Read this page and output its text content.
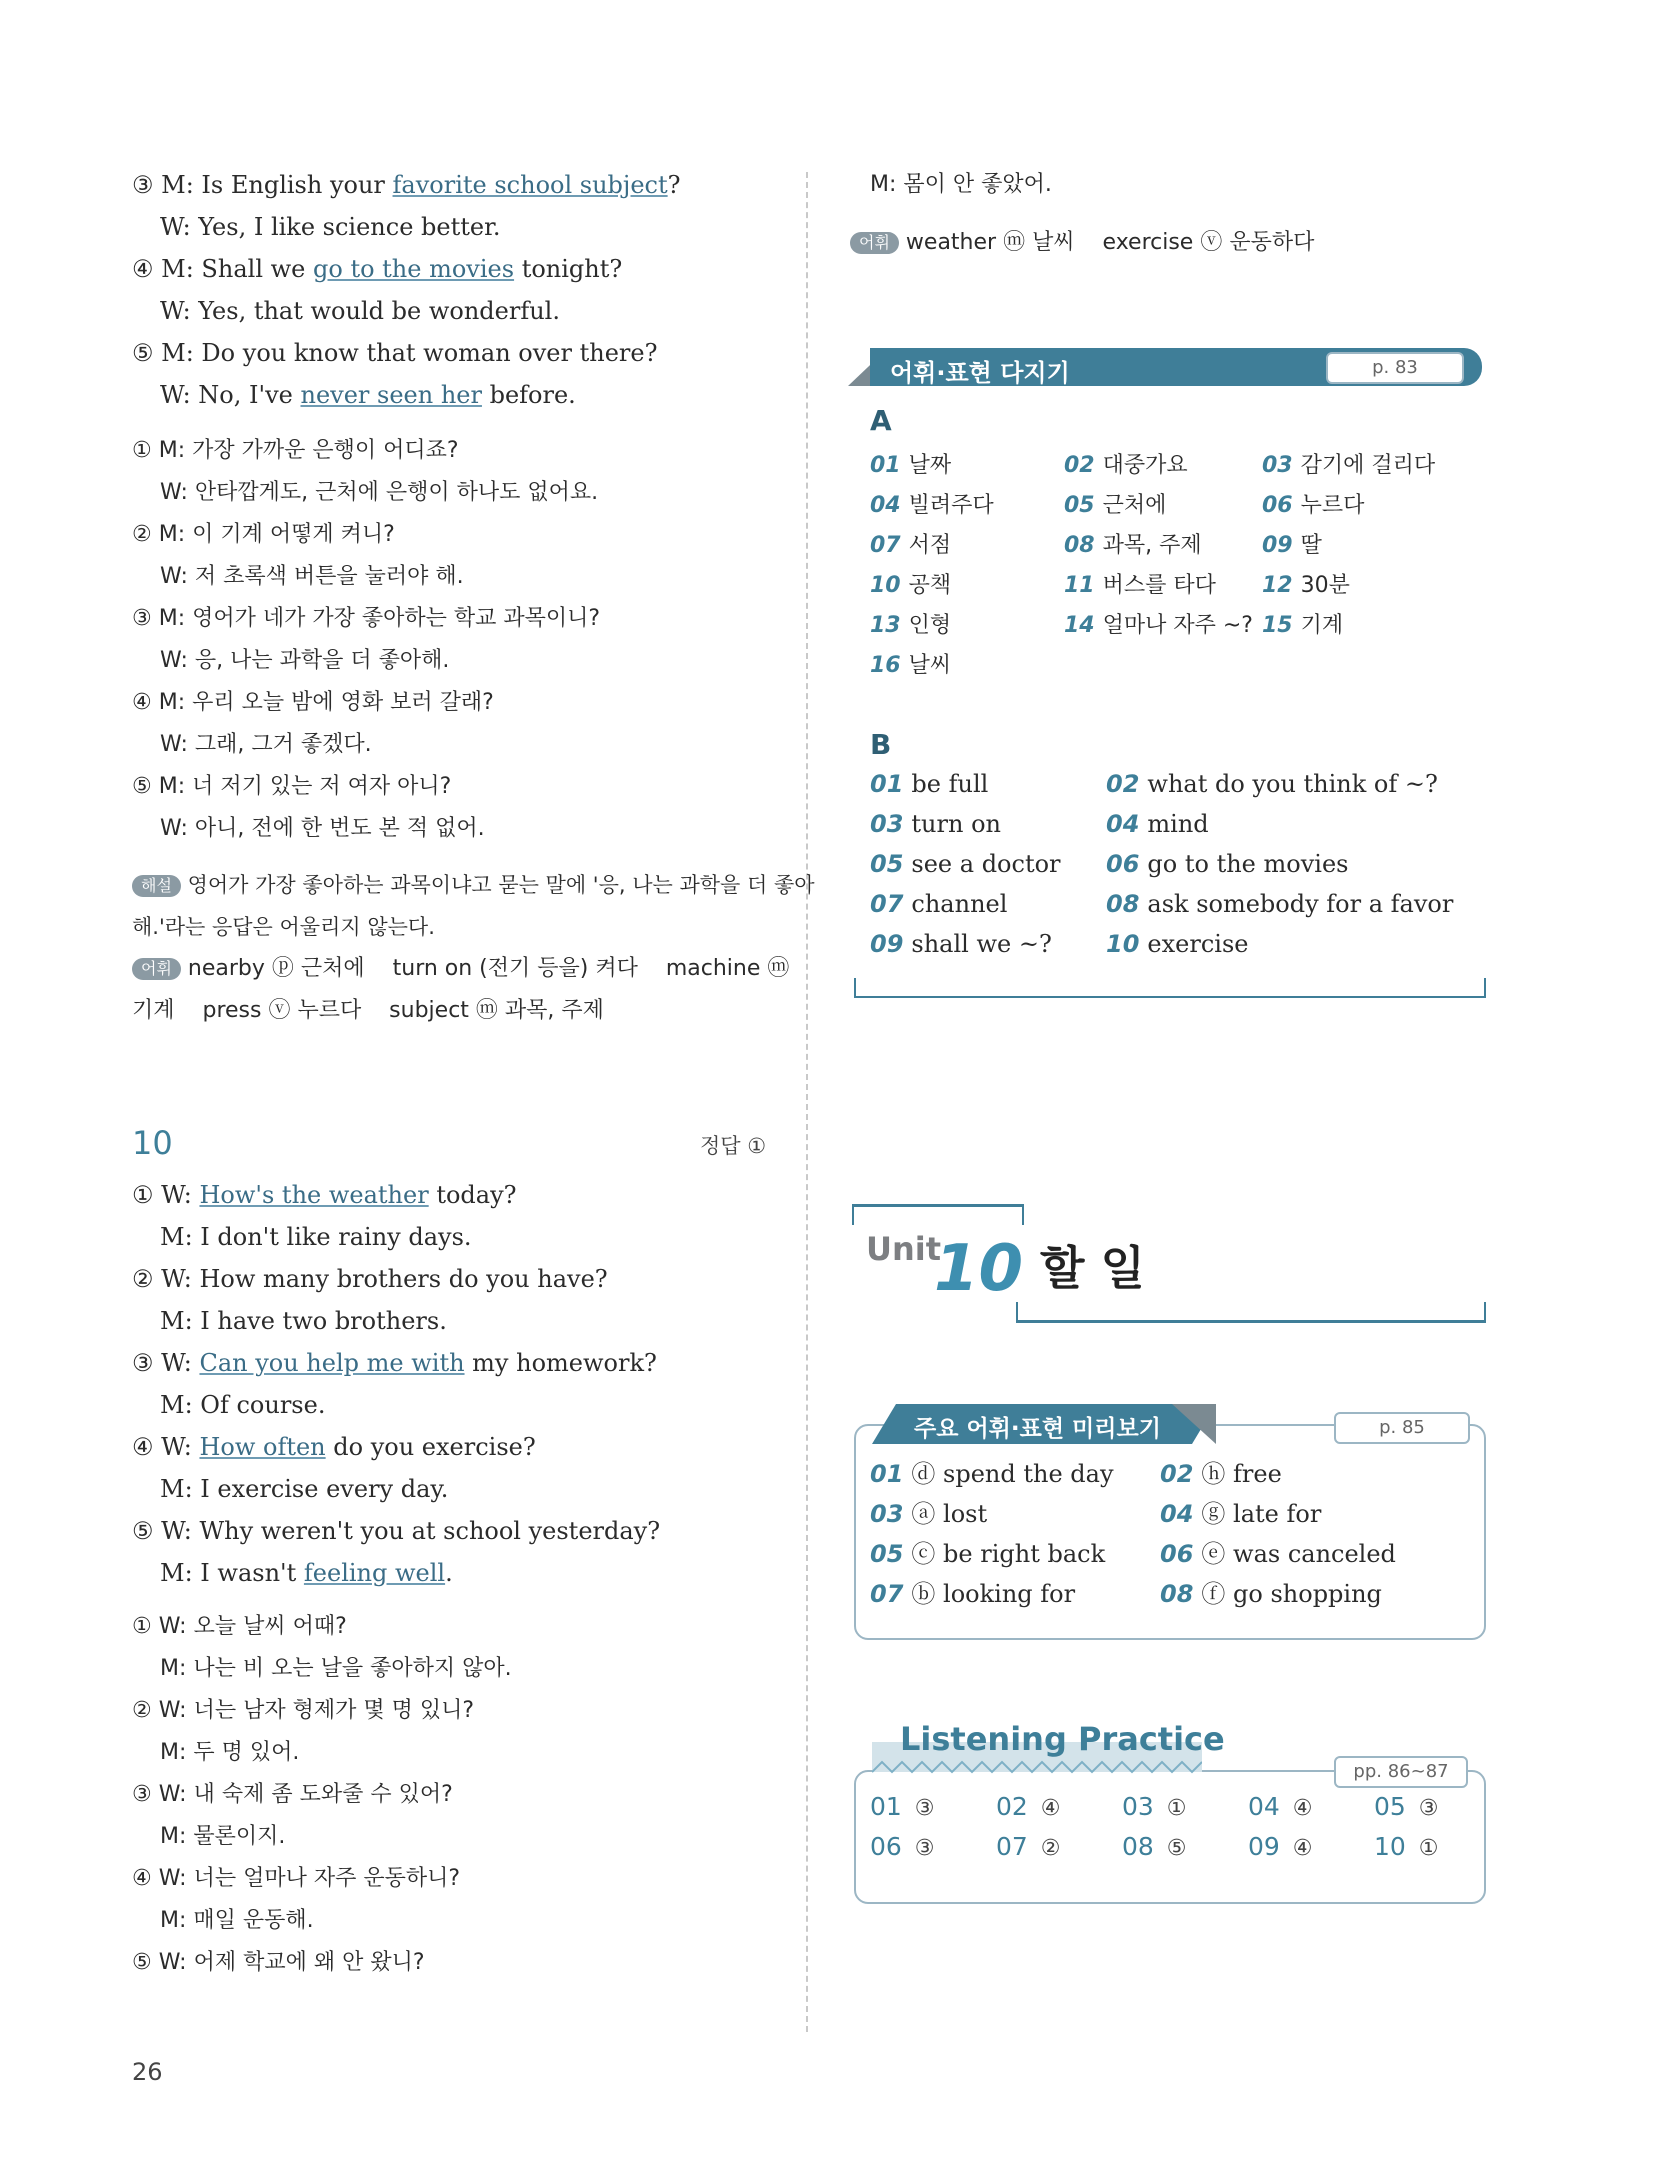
③ M: Is English your favorite school subject?
W: Yes, I like science better.
④ M: Shall we go to the movies tonight?
W: Yes, that would be wonderful.
⑤ M: Do you know that woman over there?
W: No, I've never seen her before.
① M: 가장 가까운 은행이 어디죠?
W: 안타깝게도, 근처에 은행이 하나도 없어요.
② M: 이 기계 어떻게 켜니?
W: 저 초록색 버튼을 눌러야 해.
③ M: 영어가 네가 가장 좋아하는 학교 과목이니?
W: 응, 나는 과학을 더 좋아해.
④ M: 우리 오늘 밤에 영화 보러 갈래?
W: 그래, 그거 좋겠다.
⑤ M: 너 저기 있는 저 여자 아니?
W: 아니, 전에 한 번도 본 적 없어.
해설 영어가 가장 좋아하는 과목이냐고 묻는 말에 '응, 나는 과학을 더 좋아
해.'라는 응답은 어울리지 않는다.
어휘 nearby ⓟ 근처에    turn on (전기 등을) 켜다    machine ⓜ
기계    press ⓥ 누르다    subject ⓜ 과목, 주제
10	정답 ①
① W: How's the weather today?
M: I don't like rainy days.
② W: How many brothers do you have?
M: I have two brothers.
③ W: Can you help me with my homework?
M: Of course.
④ W: How often do you exercise?
M: I exercise every day.
⑤ W: Why weren't you at school yesterday?
M: I wasn't feeling well.
① W: 오늘 날씨 어때?
M: 나는 비 오는 날을 좋아하지 않아.
② W: 너는 남자 형제가 몇 명 있니?
M: 두 명 있어.
③ W: 내 숙제 좀 도와줄 수 있어?
M: 물론이지.
④ W: 너는 얼마나 자주 운동하니?
M: 매일 운동해.
⑤ W: 어제 학교에 왜 안 왔니?
26
M: 몸이 안 좋았어.
어휘 weather ⓜ 날씨    exercise ⓥ 운동하다
어휘·표현 다지기	p. 83
A
01 날짜	02 대중가요	03 감기에 걸리다
04 빌려주다	05 근처에	06 누르다
07 서점	08 과목, 주제	09 딸
10 공책	11 버스를 타다 12 30분
13 인형	14 얼마나 자주 ~? 15 기계
16 날씨
B
01 be full	02 what do you think of ~?
03 turn on	04 mind
05 see a doctor 06 go to the movies
07 channel	08 ask somebody for a favor
09 shall we ~? 10 exercise
Unit
10 할 일
주요 어휘·표현 미리보기	p. 85
01 ⓓ spend the day 02 ⓗ free
03 ⓐ lost	04 ⓖ late for
05 ⓒ be right back 06 ⓔ was canceled
07 ⓑ looking for	08 ⓕ go shopping
Listening Practice
pp. 86~87
01 ③ 02 ④ 03 ① 04 ④ 05 ③
06 ③ 07 ② 08 ⑤ 09 ④ 10 ①
